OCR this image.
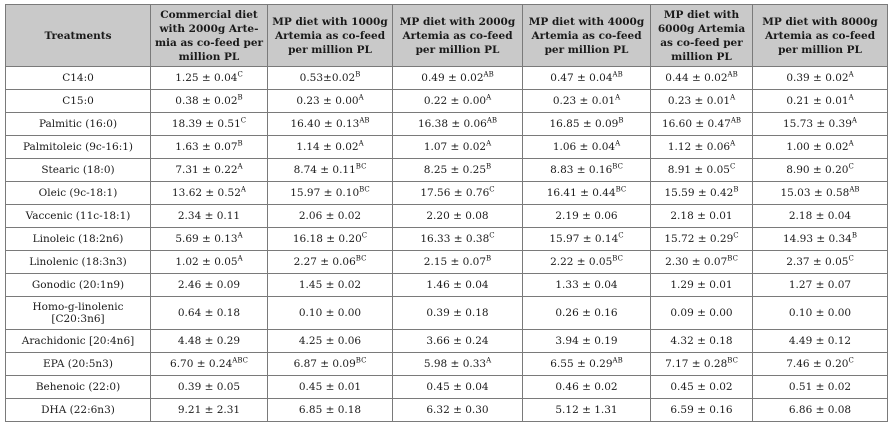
Treatments	Commercial diet with 2000g Arte-mia as co-feed per million PL	MP diet with 1000g Artemia as co-feed per million PL	MP diet with 2000g Artemia as co-feed per million PL	MP diet with 4000g Artemia as co-feed per million PL	MP diet with 6000g Artemia as co-feed per million PL	MP diet with 8000g Artemia as co-feed per million PL
C14:0	$1.25 \pm 0.04^C$	$0.53\pm 0.02^B$	$0.49 \pm 0.02^{AB}$	$0.47 \pm 0.04^{AB}$	$0.44 \pm 0.02^{AB}$	$0.39 \pm 0.02^A$
C15:0	$0.38 \pm 0.02^B$	$0.23 \pm 0.00^A$	$0.22 \pm 0.00^A$	$0.23 \pm 0.01^A$	$0.23 \pm 0.01^A$	$0.21 \pm 0.01^A$
Palmitic (16:0)	$18.39 \pm 0.51^C$	$16.40 \pm 0.13^{AB}$	$16.38 \pm 0.06^{AB}$	$16.85 \pm 0.09^B$	$16.60 \pm 0.47^{AB}$	$15.73 \pm 0.39^A$
Palmitoleic (9c-16:1)	$1.63 \pm 0.07^B$	$1.14 \pm 0.02^A$	$1.07 \pm 0.02^A$	$1.06 \pm 0.04^A$	$1.12 \pm 0.06^A$	$1.00 \pm 0.02^A$
Stearic (18:0)	$7.31 \pm 0.22^A$	$8.74 \pm 0.11^{BC}$	$8.25 \pm 0.25^B$	$8.83 \pm 0.16^{BC}$	$8.91 \pm 0.05^C$	$8.90 \pm 0.20^C$
Oleic (9c-18:1)	$13.62 \pm 0.52^A$	$15.97 \pm 0.10^{BC}$	$17.56 \pm 0.76^C$	$16.41 \pm 0.44^{BC}$	$15.59 \pm 0.42^B$	$15.03 \pm 0.58^{AB}$
Vaccenic (11c-18:1)	2.34 ± 0.11	2.06 ± 0.02	2.20 ± 0.08	2.19 ± 0.06	2.18 ± 0.01	2.18 ± 0.04
Linoleic (18:2n6)	$5.69 \pm 0.13^A$	$16.18 \pm 0.20^C$	$16.33 \pm 0.38^C$	$15.97 \pm 0.14^C$	$15.72 \pm 0.29^C$	$14.93 \pm 0.34^B$
Linolenic (18:3n3)	$1.02 \pm 0.05^A$	$2.27 \pm 0.06^{BC}$	$2.15 \pm 0.07^B$	$2.22 \pm 0.05^{BC}$	$2.30 \pm 0.07^{BC}$	$2.37 \pm 0.05^C$
Gonodic (20:1n9)	2.46 ± 0.09	1.45 ± 0.02	1.46 ± 0.04	1.33 ± 0.04	1.29 ± 0.01	1.27 ± 0.07
Homo-g-linolenic [C20:3n6]	0.64 ± 0.18	0.10 ± 0.00	0.39 ± 0.18	0.26 ± 0.16	0.09 ± 0.00	0.10 ± 0.00
Arachidonic [20:4n6]	4.48 ± 0.29	4.25 ± 0.06	3.66 ± 0.24	3.94 ± 0.19	4.32 ± 0.18	4.49 ± 0.12
EPA (20:5n3)	$6.70 \pm 0.24^{ABC}$	$6.87 \pm 0.09^{BC}$	$5.98 \pm 0.33^A$	$6.55 \pm 0.29^{AB}$	$7.17 \pm 0.28^{BC}$	$7.46 \pm 0.20^C$
Behenoic (22:0)	0.39 ± 0.05	0.45 ± 0.01	0.45 ± 0.04	0.46 ± 0.02	0.45 ± 0.02	0.51 ± 0.02
DHA (22:6n3)	9.21 ± 2.31	6.85 ± 0.18	6.32 ± 0.30	5.12 ± 1.31	6.59 ± 0.16	6.86 ± 0.08
